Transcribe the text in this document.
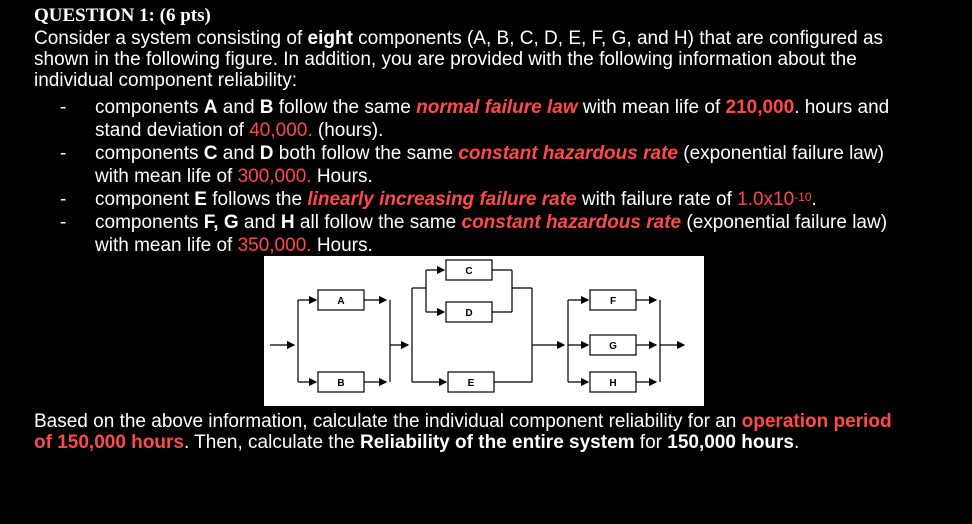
QUESTION 1: (6 pts)
Consider a system consisting of eight components (A, B, C, D, E, F, G, and H) that are configured as
shown in the following figure. In addition, you are provided with the following information about the
individual component reliability:
- components A and B follow the same normal failure law with mean life of 210,000. hours and
stand deviation of 40,000. (hours).
- components C and D both follow the same constant hazardous rate (exponential failure law)
with mean life of 300,000. Hours.
- component E follows the linearly increasing failure rate with failure rate of $1.0x10^{-10}$.
- components F, G and H all follow the same constant hazardous rate (exponential failure law)
with mean life of 350,000. Hours.
A
B
C
D
E
F
G
H
Based on the above information, calculate the individual component reliability for an operation period
of 150,000 hours. Then, calculate the Reliability of the entire system for 150,000 hours.
